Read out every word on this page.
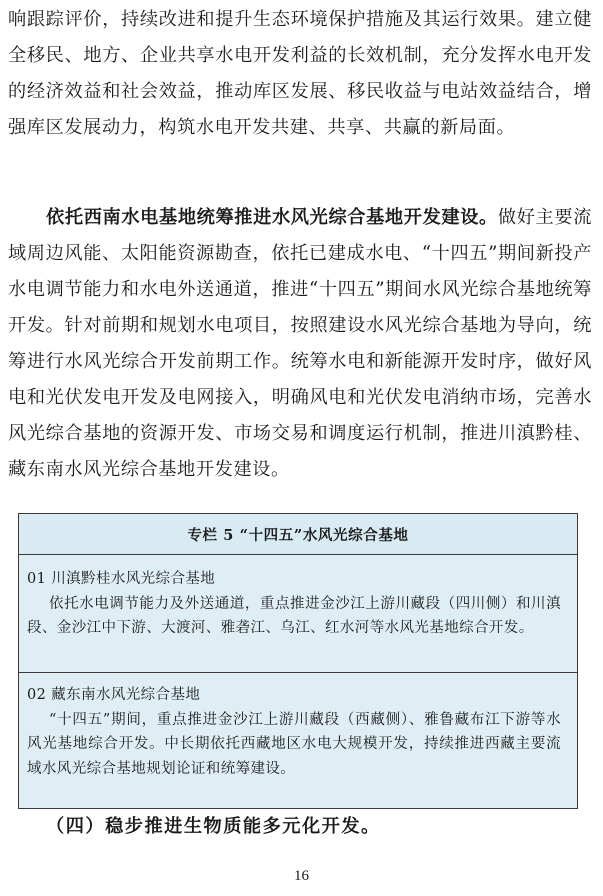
响跟踪评价，持续改进和提升生态环境保护措施及其运行效果。建立健全移民、地方、企业共享水电开发利益的长效机制，充分发挥水电开发的经济效益和社会效益，推动库区发展、移民收益与电站效益结合，增强库区发展动力，构筑水电开发共建、共享、共赢的新局面。

依托西南水电基地统筹推进水风光综合基地开发建设。做好主要流域周边风能、太阳能资源勘查，依托已建成水电、“十四五”期间新投产水电调节能力和水电外送通道，推进“十四五”期间水风光综合基地统筹开发。针对前期和规划水电项目，按照建设水风光综合基地为导向，统筹进行水风光综合开发前期工作。统筹水电和新能源开发时序，做好风电和光伏发电开发及电网接入，明确风电和光伏发电消纳市场，完善水风光综合基地的资源开发、市场交易和调度运行机制，推进川滇黔桂、藏东南水风光综合基地开发建设。

专栏 5 “十四五”水风光综合基地
01 川滇黔桂水风光综合基地
依托水电调节能力及外送通道，重点推进金沙江上游川藏段（四川侧）和川滇段、金沙江中下游、大渡河、雅砻江、乌江、红水河等水风光基地综合开发。
02 藏东南水风光综合基地
“十四五”期间，重点推进金沙江上游川藏段（西藏侧）、雅鲁藏布江下游等水风光基地综合开发。中长期依托西藏地区水电大规模开发，持续推进西藏主要流域水风光综合基地规划论证和统筹建设。
（四）稳步推进生物质能多元化开发。
16
